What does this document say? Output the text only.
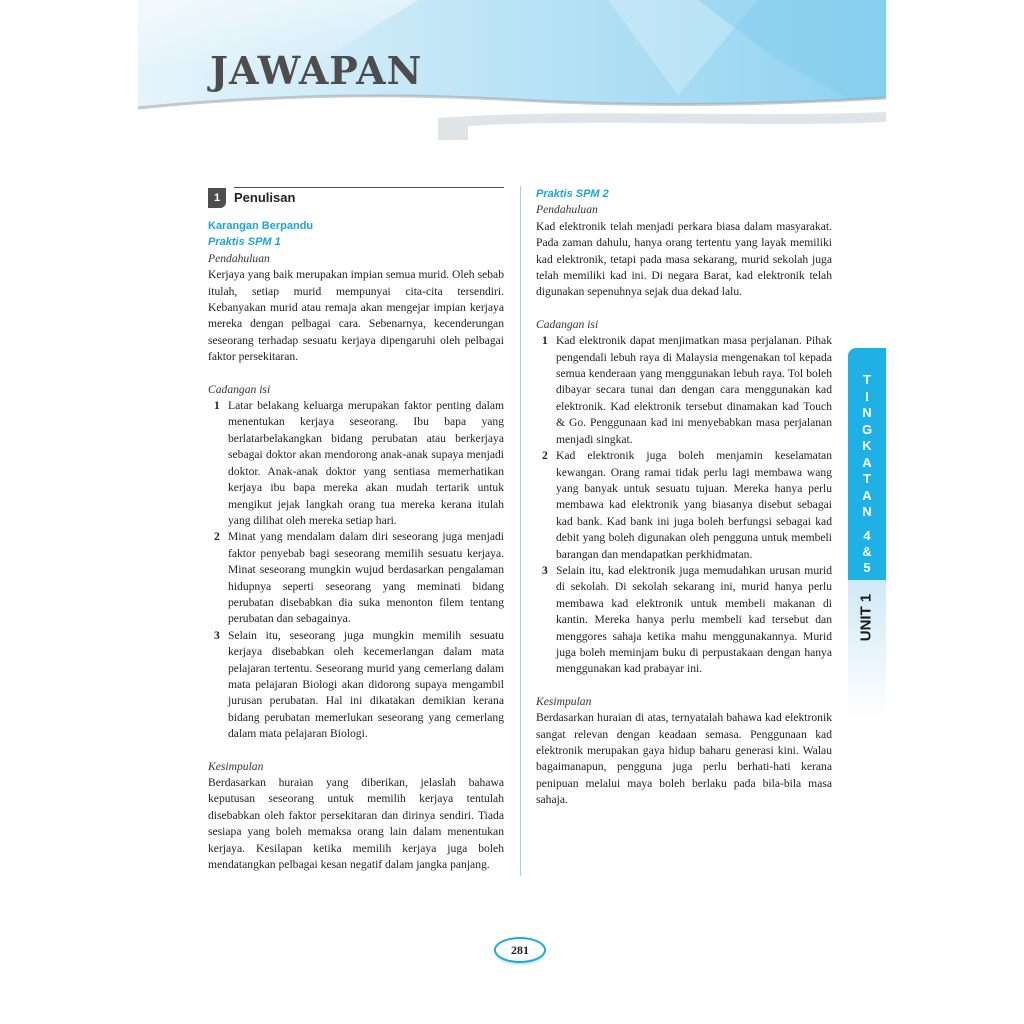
JAWAPAN
1	Penulisan
Karangan Berpandu
Praktis SPM 1
Pendahuluan

Kerjaya yang baik merupakan impian semua murid. Oleh sebab itulah, setiap murid mempunyai cita-cita tersendiri. Kebanyakan murid atau remaja akan mengejar impian kerjaya mereka dengan pelbagai cara. Sebenarnya, kecenderungan seseorang terhadap sesuatu kerjaya dipengaruhi oleh pelbagai faktor persekitaran.

Cadangan isi
1 Latar belakang keluarga merupakan faktor penting dalam menentukan kerjaya seseorang. Ibu bapa yang berlatarbelakangkan bidang perubatan atau berkerjaya sebagai doktor akan mendorong anak-anak supaya menjadi doktor. Anak-anak doktor yang sentiasa memerhatikan kerjaya ibu bapa mereka akan mudah tertarik untuk mengikut jejak langkah orang tua mereka kerana itulah yang dilihat oleh mereka setiap hari.
2 Minat yang mendalam dalam diri seseorang juga menjadi faktor penyebab bagi seseorang memilih sesuatu kerjaya. Minat seseorang mungkin wujud berdasarkan pengalaman hidupnya seperti seseorang yang meminati bidang perubatan disebabkan dia suka menonton filem tentang perubatan dan sebagainya.
3 Selain itu, seseorang juga mungkin memilih sesuatu kerjaya disebabkan oleh kecemerlangan dalam mata pelajaran tertentu. Seseorang murid yang cemerlang dalam mata pelajaran Biologi akan didorong supaya mengambil jurusan perubatan. Hal ini dikatakan demikian kerana bidang perubatan memerlukan seseorang yang cemerlang dalam mata pelajaran Biologi.
Kesimpulan

Berdasarkan huraian yang diberikan, jelaslah bahawa keputusan seseorang untuk memilih kerjaya tentulah disebabkan oleh faktor persekitaran dan dirinya sendiri. Tiada sesiapa yang boleh memaksa orang lain dalam menentukan kerjaya. Kesilapan ketika memilih kerjaya juga boleh mendatangkan pelbagai kesan negatif dalam jangka panjang.

Praktis SPM 2
Pendahuluan

Kad elektronik telah menjadi perkara biasa dalam masyarakat. Pada zaman dahulu, hanya orang tertentu yang layak memiliki kad elektronik, tetapi pada masa sekarang, murid sekolah juga telah memiliki kad ini. Di negara Barat, kad elektronik telah digunakan sepenuhnya sejak dua dekad lalu.

Cadangan isi
1 Kad elektronik dapat menjimatkan masa perjalanan. Pihak pengendali lebuh raya di Malaysia mengenakan tol kepada semua kenderaan yang menggunakan lebuh raya. Tol boleh dibayar secara tunai dan dengan cara menggunakan kad elektronik. Kad elektronik tersebut dinamakan kad Touch & Go. Penggunaan kad ini menyebabkan masa perjalanan menjadi singkat.
2 Kad elektronik juga boleh menjamin keselamatan kewangan. Orang ramai tidak perlu lagi membawa wang yang banyak untuk sesuatu tujuan. Mereka hanya perlu membawa kad elektronik yang biasanya disebut sebagai kad bank. Kad bank ini juga boleh berfungsi sebagai kad debit yang boleh digunakan oleh pengguna untuk membeli barangan dan mendapatkan perkhidmatan.
3 Selain itu, kad elektronik juga memudahkan urusan murid di sekolah. Di sekolah sekarang ini, murid hanya perlu membawa kad elektronik untuk membeli makanan di kantin. Mereka hanya perlu membeli kad tersebut dan menggores sahaja ketika mahu menggunakannya. Murid juga boleh meminjam buku di perpustakaan dengan hanya menggunakan kad prabayar ini.
Kesimpulan

Berdasarkan huraian di atas, ternyatalah bahawa kad elektronik sangat relevan dengan keadaan semasa. Penggunaan kad elektronik merupakan gaya hidup baharu generasi kini. Walau bagaimanapun, pengguna juga perlu berhati-hati kerana penipuan melalui maya boleh berlaku pada bila-bila masa sahaja.

T
I
N
G
K
A
T
A
N
4
&
5
UNIT 1
281
